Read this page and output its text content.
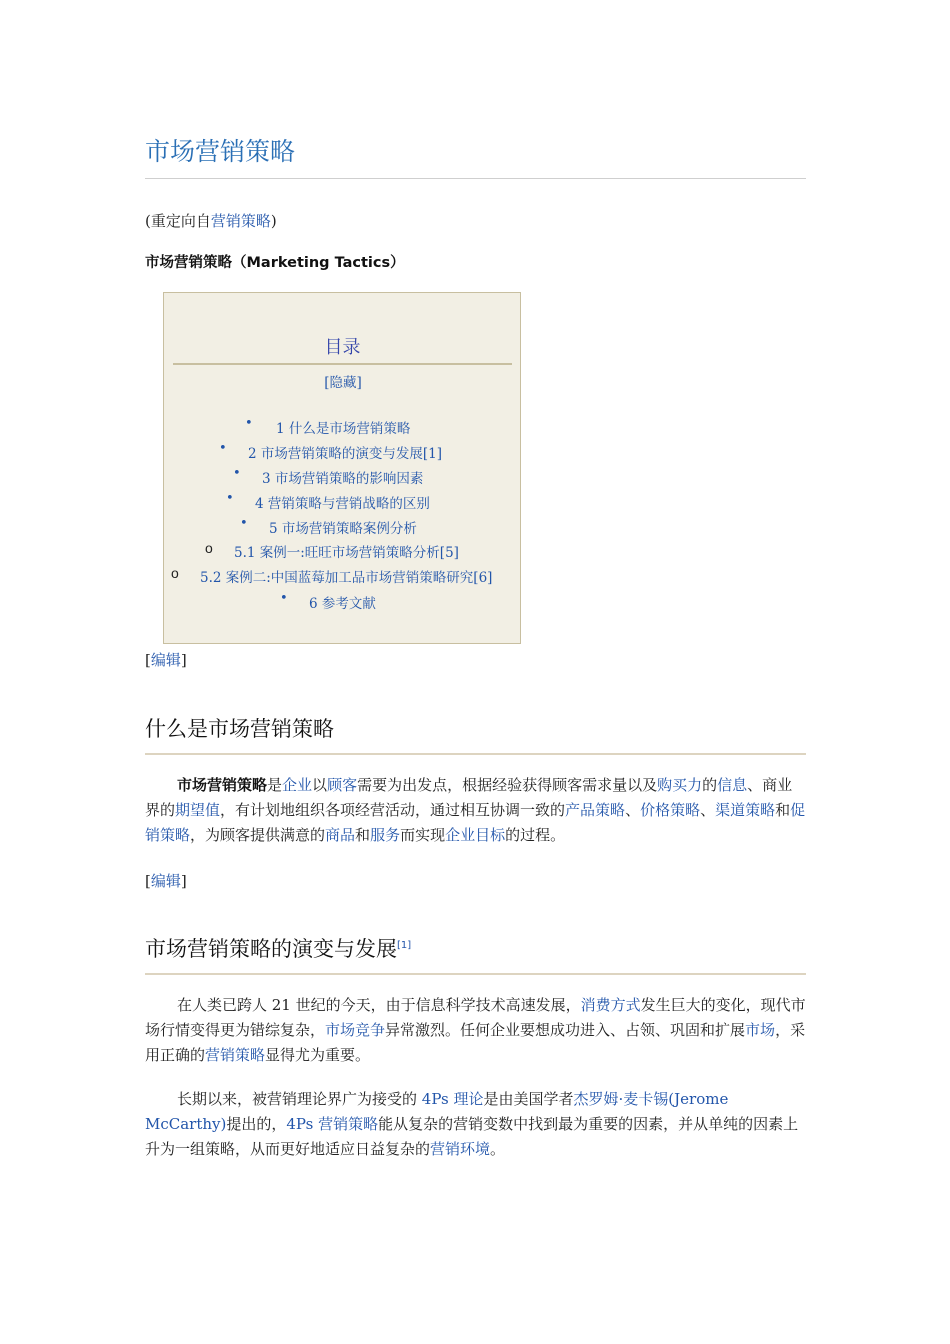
市场营销策略
(重定向自营销策略)
市场营销策略（Marketing Tactics）
目录
[隐藏]
• 1 什么是市场营销策略
• 2 市场营销策略的演变与发展[1]
• 3 市场营销策略的影响因素
• 4 营销策略与营销战略的区别
• 5 市场营销策略案例分析
o 5.1 案例一:旺旺市场营销策略分析[5]
o 5.2 案例二:中国蓝莓加工品市场营销策略研究[6]
• 6 参考文献
[编辑]
什么是市场营销策略

市场营销策略是企业以顾客需要为出发点，根据经验获得顾客需求量以及购买力的信息、商业界的期望值，有计划地组织各项经营活动，通过相互协调一致的产品策略、价格策略、渠道策略和促销策略，为顾客提供满意的商品和服务而实现企业目标的过程。

[编辑]
市场营销策略的演变与发展[1]

在人类已跨人 21 世纪的今天，由于信息科学技术高速发展，消费方式发生巨大的变化，现代市场行情变得更为错综复杂，市场竞争异常激烈。任何企业要想成功进入、占领、巩固和扩展市场，采用正确的营销策略显得尤为重要。

长期以来，被营销理论界广为接受的 4Ps 理论是由美国学者杰罗姆·麦卡锡(Jerome McCarthy)提出的，4Ps 营销策略能从复杂的营销变数中找到最为重要的因素，并从单纯的因素上升为一组策略，从而更好地适应日益复杂的营销环境。
